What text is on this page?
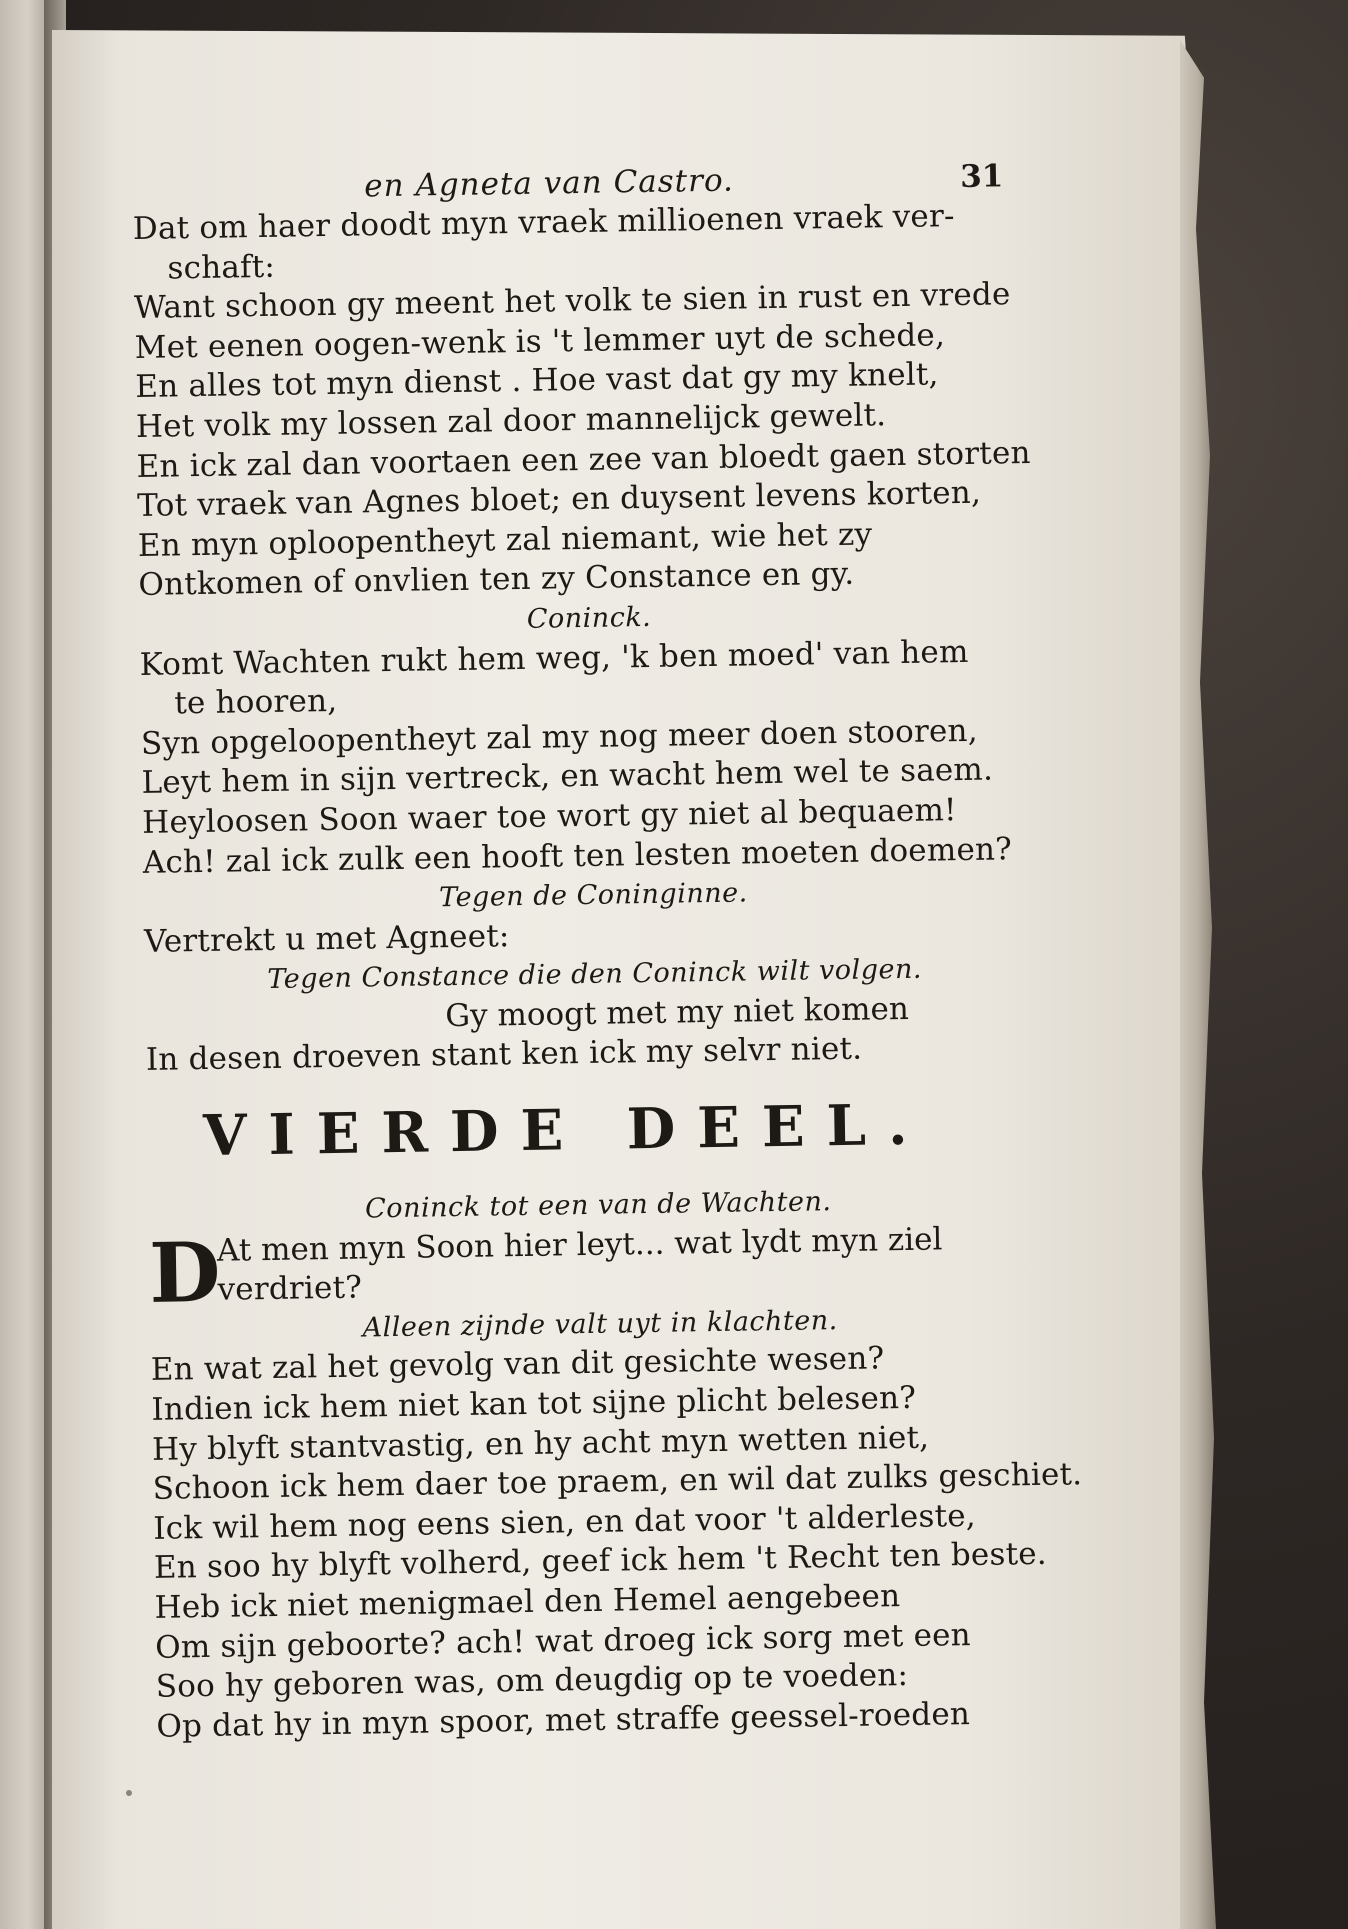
en Agneta van Castro.	31
Dat om haer doodt myn vraek millioenen vraek ver-
schaft:
Want schoon gy meent het volk te sien in rust en vrede
Met eenen oogen-wenk is 't lemmer uyt de schede,
En alles tot myn dienst . Hoe vast dat gy my knelt,
Het volk my lossen zal door mannelijck gewelt.
En ick zal dan voortaen een zee van bloedt gaen storten
Tot vraek van Agnes bloet; en duysent levens korten,
En myn oploopentheyt zal niemant, wie het zy
Ontkomen of onvlien ten zy Constance en gy.
Coninck.
Komt Wachten rukt hem weg, 'k ben moed' van hem
te hooren,
Syn opgeloopentheyt zal my nog meer doen stooren,
Leyt hem in sijn vertreck, en wacht hem wel te saem.
Heyloosen Soon waer toe wort gy niet al bequaem!
Ach! zal ick zulk een hooft ten lesten moeten doemen?
Tegen de Coninginne.
Vertrekt u met Agneet:
Tegen Constance die den Coninck wilt volgen.
Gy moogt met my niet komen
In desen droeven stant ken ick my selvr niet.
VIERDE DEEL.
Coninck tot een van de Wachten.
D
At men myn Soon hier leyt... wat lydt myn ziel
verdriet?
Alleen zijnde valt uyt in klachten.
En wat zal het gevolg van dit gesichte wesen?
Indien ick hem niet kan tot sijne plicht belesen?
Hy blyft stantvastig, en hy acht myn wetten niet,
Schoon ick hem daer toe praem, en wil dat zulks geschiet.
Ick wil hem nog eens sien, en dat voor 't alderleste,
En soo hy blyft volherd, geef ick hem 't Recht ten beste.
Heb ick niet menigmael den Hemel aengebeen
Om sijn geboorte? ach! wat droeg ick sorg met een
Soo hy geboren was, om deugdig op te voeden:
Op dat hy in myn spoor, met straffe geessel-roeden
